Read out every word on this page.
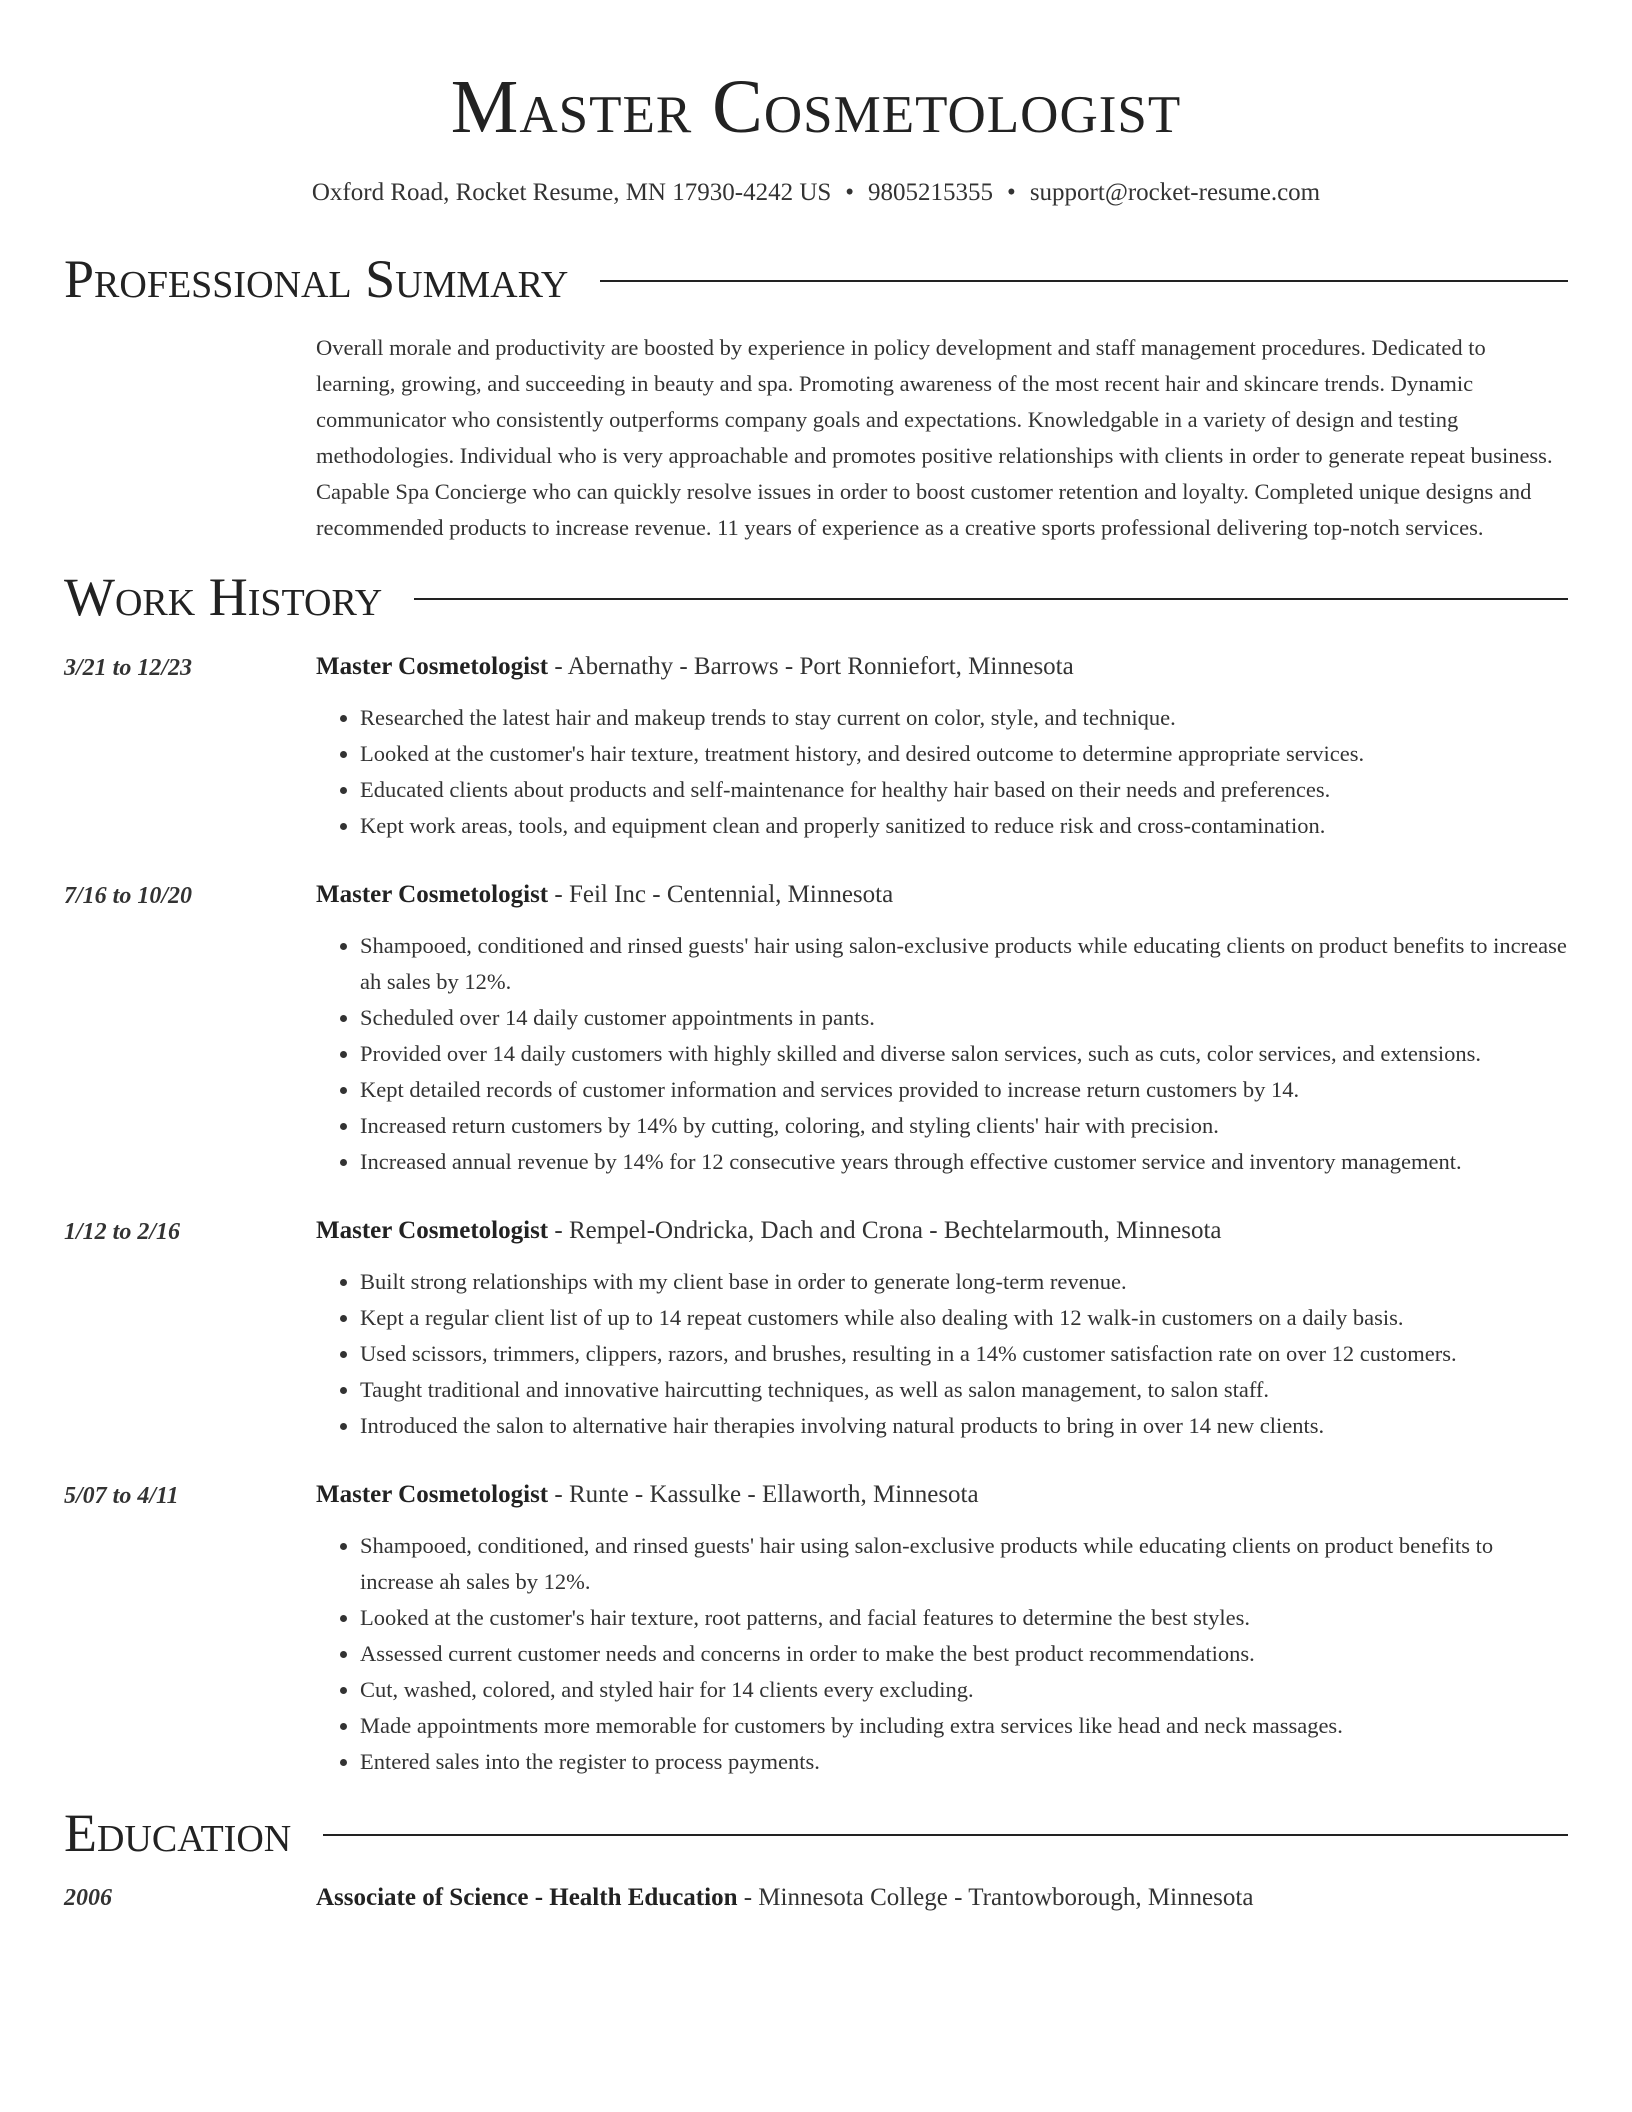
Master Cosmetologist
Oxford Road, Rocket Resume, MN 17930-4242 US • 9805215355 • support@rocket-resume.com
Professional Summary

Overall morale and productivity are boosted by experience in policy development and staff management procedures. Dedicated to learning, growing, and succeeding in beauty and spa. Promoting awareness of the most recent hair and skincare trends. Dynamic communicator who consistently outperforms company goals and expectations. Knowledgable in a variety of design and testing methodologies. Individual who is very approachable and promotes positive relationships with clients in order to generate repeat business. Capable Spa Concierge who can quickly resolve issues in order to boost customer retention and loyalty. Completed unique designs and recommended products to increase revenue. 11 years of experience as a creative sports professional delivering top-notch services.

Work History
3/21 to 12/23	Master Cosmetologist - Abernathy - Barrows - Port Ronniefort, Minnesota
• Researched the latest hair and makeup trends to stay current on color, style, and technique.
• Looked at the customer's hair texture, treatment history, and desired outcome to determine appropriate services.
• Educated clients about products and self-maintenance for healthy hair based on their needs and preferences.
• Kept work areas, tools, and equipment clean and properly sanitized to reduce risk and cross-contamination.
7/16 to 10/20	Master Cosmetologist - Feil Inc - Centennial, Minnesota
• Shampooed, conditioned and rinsed guests' hair using salon-exclusive products while educating clients on product benefits to increase ah sales by 12%.
• Scheduled over 14 daily customer appointments in pants.
• Provided over 14 daily customers with highly skilled and diverse salon services, such as cuts, color services, and extensions.
• Kept detailed records of customer information and services provided to increase return customers by 14.
• Increased return customers by 14% by cutting, coloring, and styling clients' hair with precision.
• Increased annual revenue by 14% for 12 consecutive years through effective customer service and inventory management.
1/12 to 2/16	Master Cosmetologist - Rempel-Ondricka, Dach and Crona - Bechtelarmouth, Minnesota
• Built strong relationships with my client base in order to generate long-term revenue.
• Kept a regular client list of up to 14 repeat customers while also dealing with 12 walk-in customers on a daily basis.
• Used scissors, trimmers, clippers, razors, and brushes, resulting in a 14% customer satisfaction rate on over 12 customers.
• Taught traditional and innovative haircutting techniques, as well as salon management, to salon staff.
• Introduced the salon to alternative hair therapies involving natural products to bring in over 14 new clients.
5/07 to 4/11	Master Cosmetologist - Runte - Kassulke - Ellaworth, Minnesota
• Shampooed, conditioned, and rinsed guests' hair using salon-exclusive products while educating clients on product benefits to increase ah sales by 12%.
• Looked at the customer's hair texture, root patterns, and facial features to determine the best styles.
• Assessed current customer needs and concerns in order to make the best product recommendations.
• Cut, washed, colored, and styled hair for 14 clients every excluding.
• Made appointments more memorable for customers by including extra services like head and neck massages.
• Entered sales into the register to process payments.
Education
2006	Associate of Science - Health Education - Minnesota College - Trantowborough, Minnesota
